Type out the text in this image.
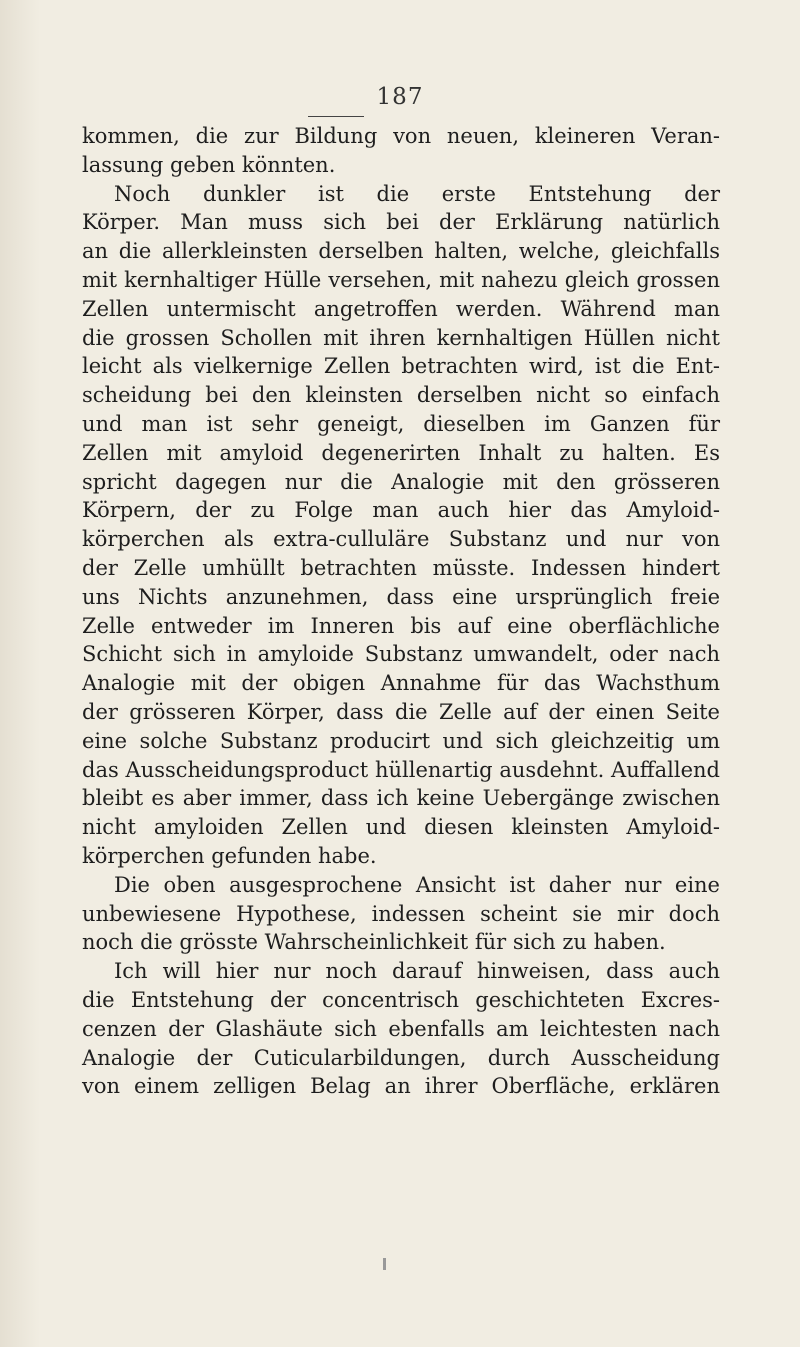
187
kommen, die zur Bildung von neuen, kleineren Veran-
lassung geben könnten.
Noch dunkler ist die erste Entstehung der
Körper. Man muss sich bei der Erklärung natürlich
an die allerkleinsten derselben halten, welche, gleichfalls
mit kernhaltiger Hülle versehen, mit nahezu gleich grossen
Zellen untermischt angetroffen werden. Während man
die grossen Schollen mit ihren kernhaltigen Hüllen nicht
leicht als vielkernige Zellen betrachten wird, ist die Ent-
scheidung bei den kleinsten derselben nicht so einfach
und man ist sehr geneigt, dieselben im Ganzen für
Zellen mit amyloid degenerirten Inhalt zu halten. Es
spricht dagegen nur die Analogie mit den grösseren
Körpern, der zu Folge man auch hier das Amyloid-
körperchen als extra-culluläre Substanz und nur von
der Zelle umhüllt betrachten müsste. Indessen hindert
uns Nichts anzunehmen, dass eine ursprünglich freie
Zelle entweder im Inneren bis auf eine oberflächliche
Schicht sich in amyloide Substanz umwandelt, oder nach
Analogie mit der obigen Annahme für das Wachsthum
der grösseren Körper, dass die Zelle auf der einen Seite
eine solche Substanz producirt und sich gleichzeitig um
das Ausscheidungsproduct hüllenartig ausdehnt. Auffallend
bleibt es aber immer, dass ich keine Uebergänge zwischen
nicht amyloiden Zellen und diesen kleinsten Amyloid-
körperchen gefunden habe.
Die oben ausgesprochene Ansicht ist daher nur eine
unbewiesene Hypothese, indessen scheint sie mir doch
noch die grösste Wahrscheinlichkeit für sich zu haben.
Ich will hier nur noch darauf hinweisen, dass auch
die Entstehung der concentrisch geschichteten Excres-
cenzen der Glashäute sich ebenfalls am leichtesten nach
Analogie der Cuticularbildungen, durch Ausscheidung
von einem zelligen Belag an ihrer Oberfläche, erklären
